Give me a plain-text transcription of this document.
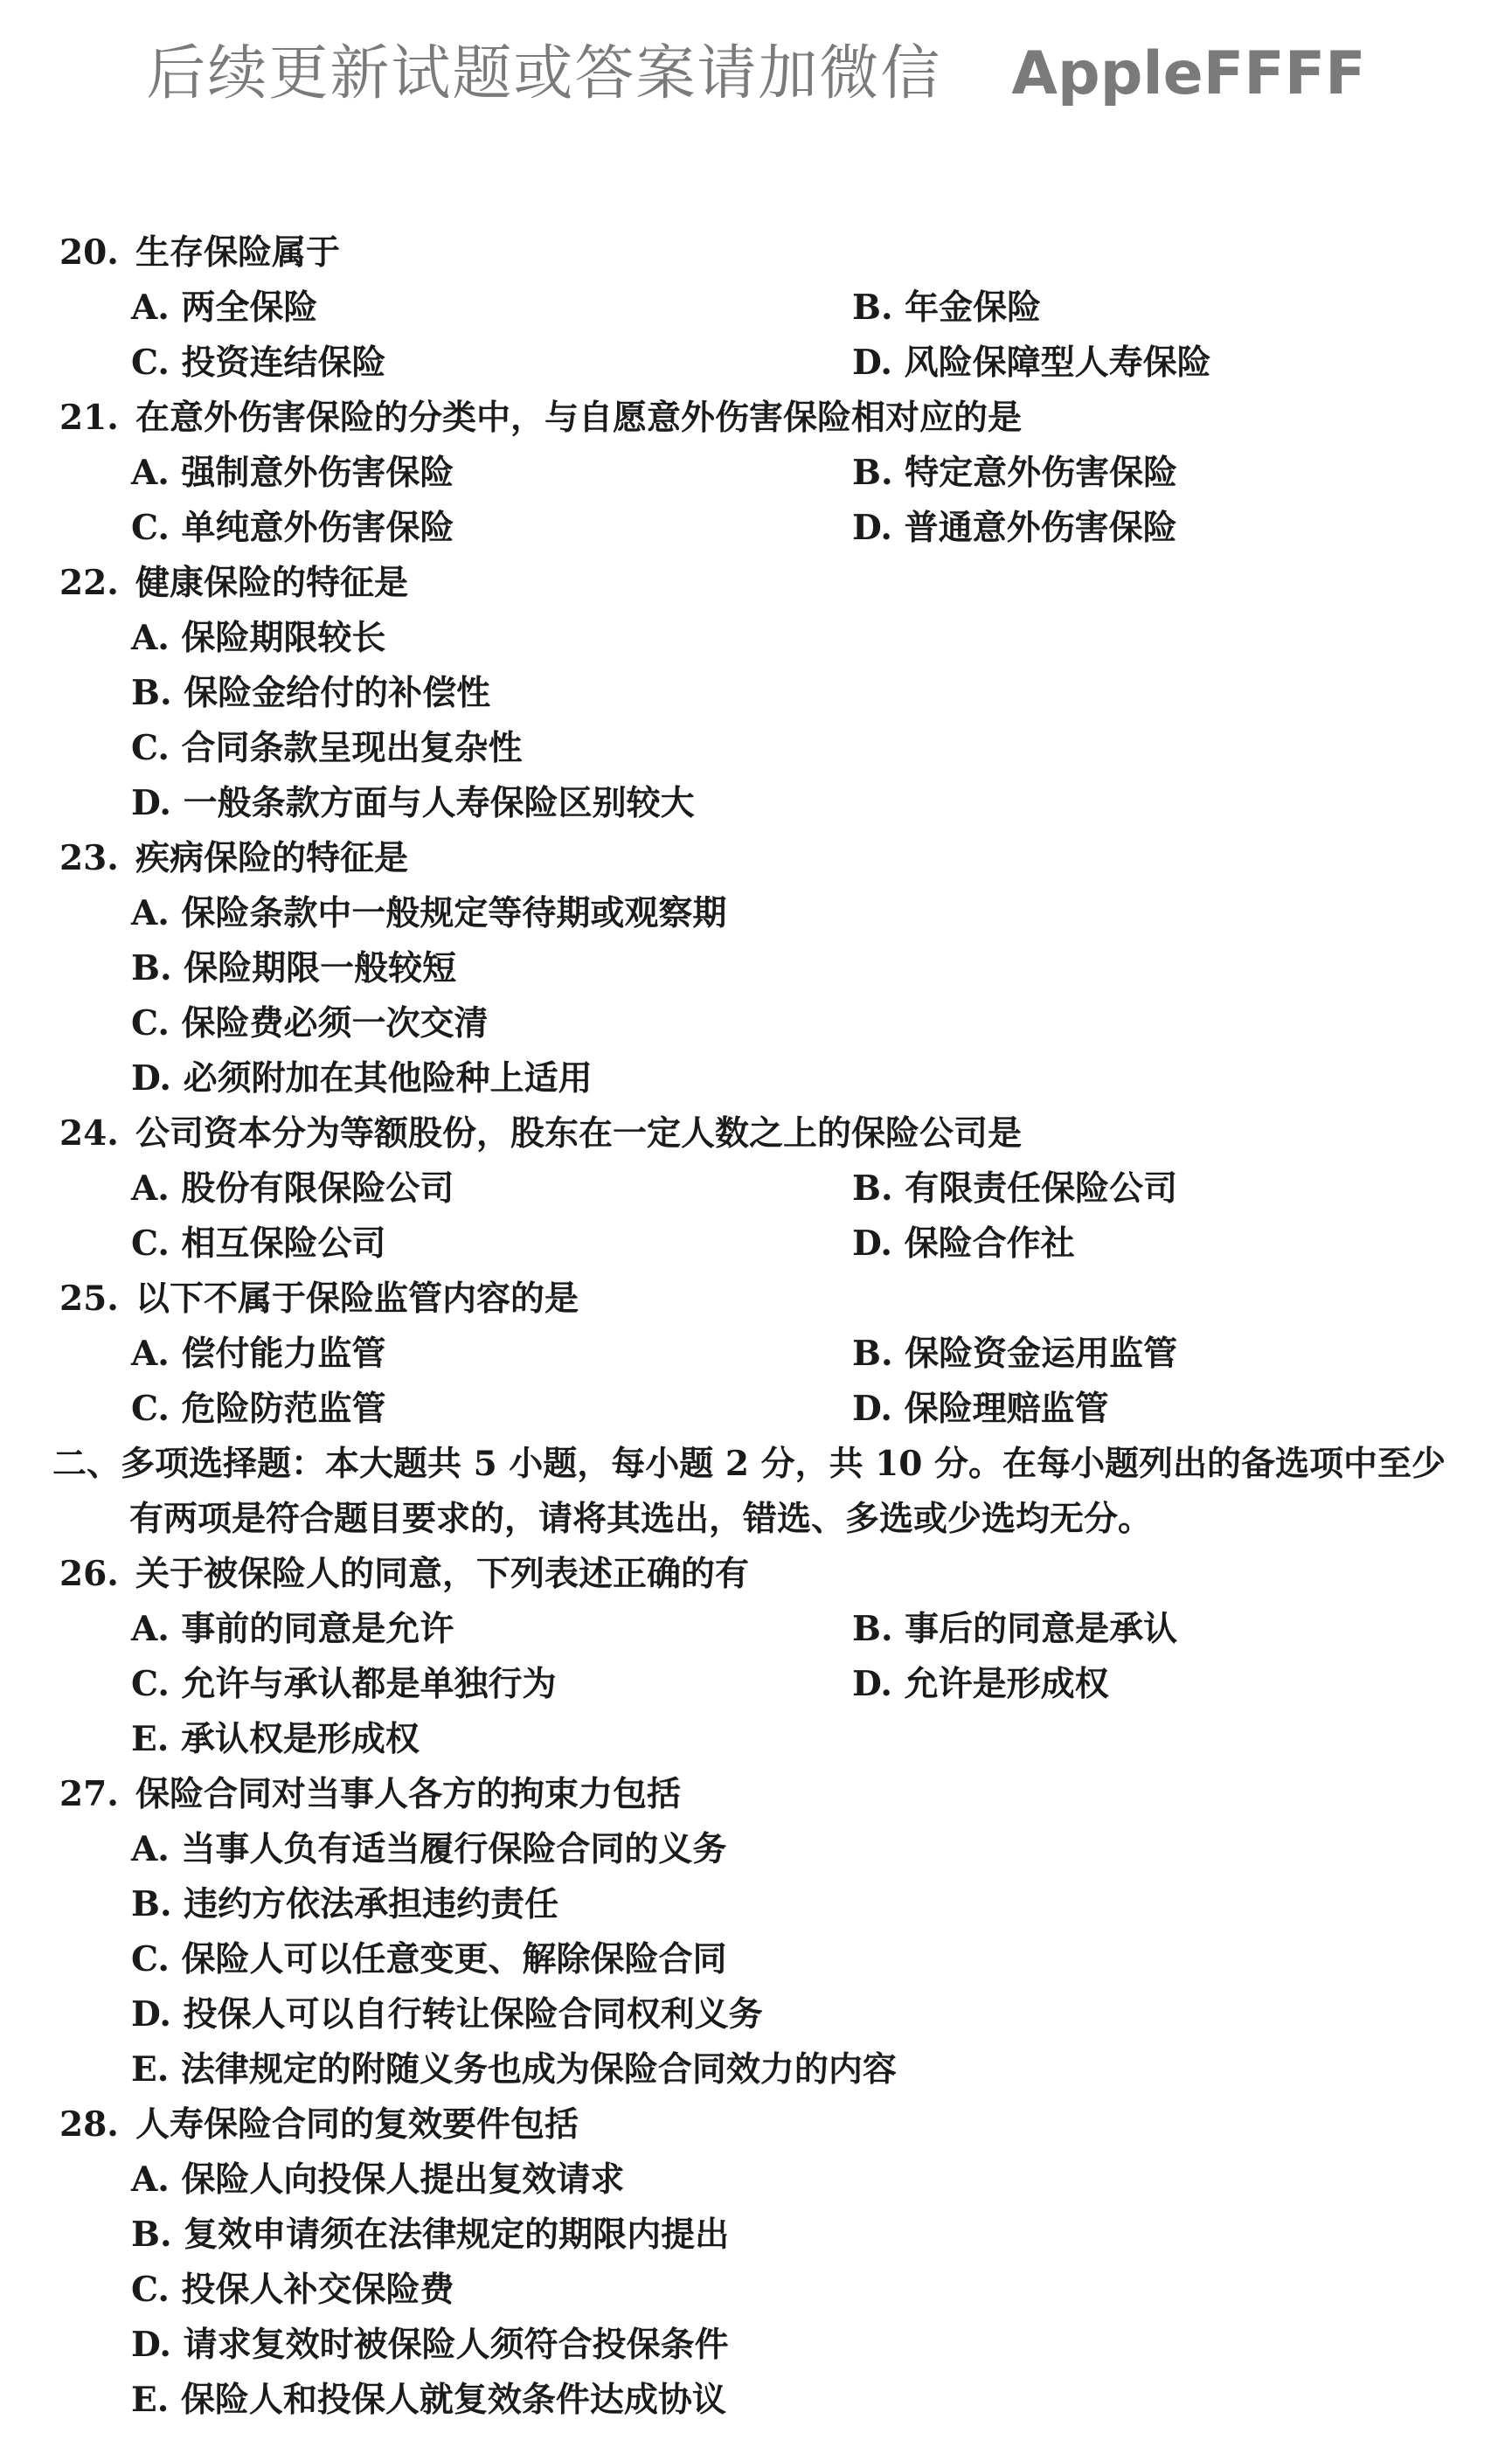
后续更新试题或答案请加微信 AppleFFFF
20. 生存保险属于
A. 两全保险	B. 年金保险
C. 投资连结保险	D. 风险保障型人寿保险
21. 在意外伤害保险的分类中，与自愿意外伤害保险相对应的是
A. 强制意外伤害保险	B. 特定意外伤害保险
C. 单纯意外伤害保险	D. 普通意外伤害保险
22. 健康保险的特征是
A. 保险期限较长
B. 保险金给付的补偿性
C. 合同条款呈现出复杂性
D. 一般条款方面与人寿保险区别较大
23. 疾病保险的特征是
A. 保险条款中一般规定等待期或观察期
B. 保险期限一般较短
C. 保险费必须一次交清
D. 必须附加在其他险种上适用
24. 公司资本分为等额股份，股东在一定人数之上的保险公司是
A. 股份有限保险公司	B. 有限责任保险公司
C. 相互保险公司	D. 保险合作社
25. 以下不属于保险监管内容的是
A. 偿付能力监管	B. 保险资金运用监管
C. 危险防范监管	D. 保险理赔监管
二、多项选择题：本大题共 5 小题，每小题 2 分，共 10 分。在每小题列出的备选项中至少
有两项是符合题目要求的，请将其选出，错选、多选或少选均无分。
26. 关于被保险人的同意，下列表述正确的有
A. 事前的同意是允许	B. 事后的同意是承认
C. 允许与承认都是单独行为	D. 允许是形成权
E. 承认权是形成权
27. 保险合同对当事人各方的拘束力包括
A. 当事人负有适当履行保险合同的义务
B. 违约方依法承担违约责任
C. 保险人可以任意变更、解除保险合同
D. 投保人可以自行转让保险合同权利义务
E. 法律规定的附随义务也成为保险合同效力的内容
28. 人寿保险合同的复效要件包括
A. 保险人向投保人提出复效请求
B. 复效申请须在法律规定的期限内提出
C. 投保人补交保险费
D. 请求复效时被保险人须符合投保条件
E. 保险人和投保人就复效条件达成协议
